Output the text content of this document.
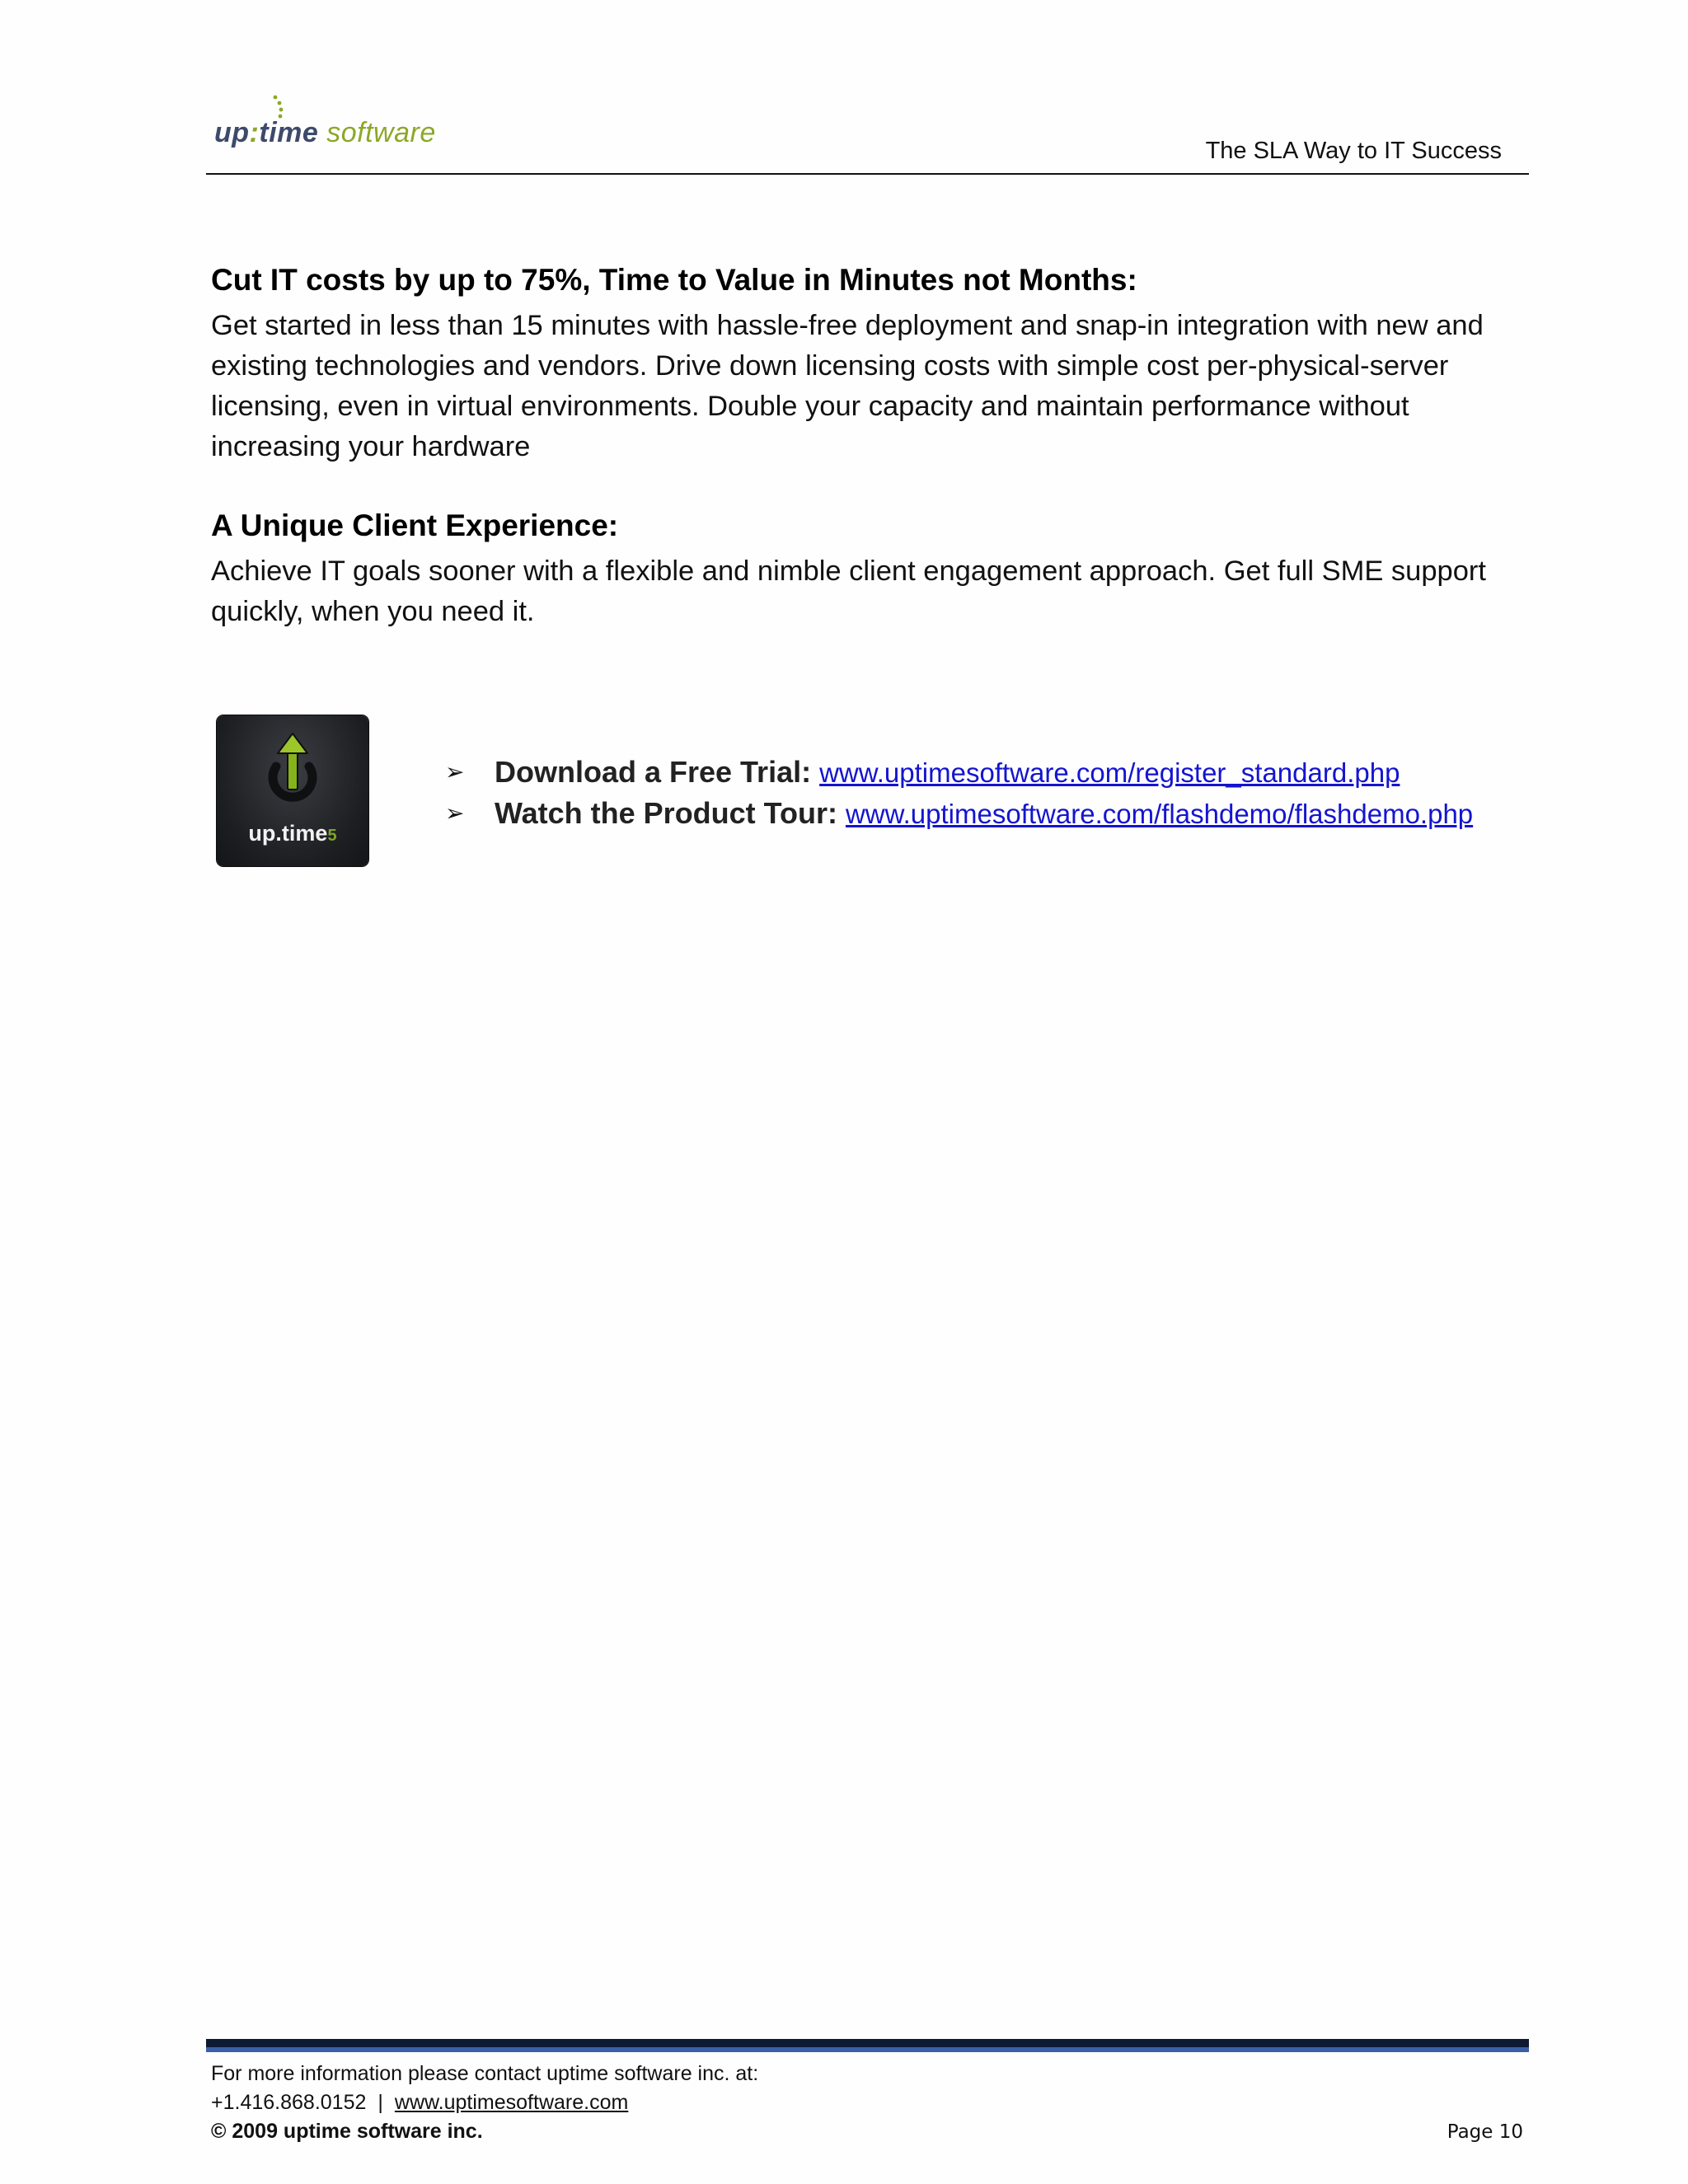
up:time software
The SLA Way to IT Success
Cut IT costs by up to 75%, Time to Value in Minutes not Months:

Get started in less than 15 minutes with hassle-free deployment and snap-in integration with new and existing technologies and vendors. Drive down licensing costs with simple cost per-physical-server licensing, even in virtual environments. Double your capacity and maintain performance without increasing your hardware

A Unique Client Experience:

Achieve IT goals sooner with a flexible and nimble client engagement approach. Get full SME support quickly, when you need it.

up.time5
➢ Download a Free Trial: www.uptimesoftware.com/register_standard.php
➢ Watch the Product Tour: www.uptimesoftware.com/flashdemo/flashdemo.php
For more information please contact uptime software inc. at:
+1.416.868.0152 | www.uptimesoftware.com
© 2009 uptime software inc.	Page 10
